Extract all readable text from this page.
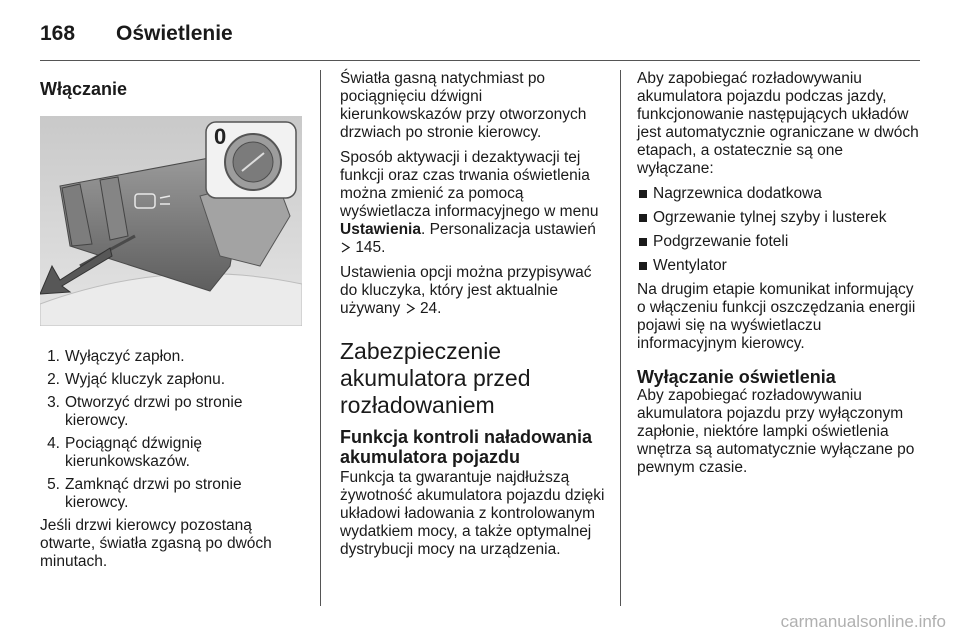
168 Oświetlenie
Włączanie
0
1. Wyłączyć zapłon.
2. Wyjąć kluczyk zapłonu.
3. Otworzyć drzwi po stronie kierowcy.
4. Pociągnąć dźwignię kierunkowskazów.
5. Zamknąć drzwi po stronie kierowcy.

Jeśli drzwi kierowcy pozostaną otwarte, światła zgasną po dwóch minutach.

Światła gasną natychmiast po pociągnięciu dźwigni kierunkowskazów przy otworzonych drzwiach po stronie kierowcy.

Sposób aktywacji i dezaktywacji tej funkcji oraz czas trwania oświetlenia można zmienić za pomocą wyświetlacza informacyjnego w menu Ustawienia. Personalizacja ustawień  145.

Ustawienia opcji można przypisywać do kluczyka, który jest aktualnie używany  24.

Zabezpieczenie akumulatora przed rozładowaniem
Funkcja kontroli naładowania akumulatora pojazdu

Funkcja ta gwarantuje najdłuższą żywotność akumulatora pojazdu dzięki układowi ładowania z kontrolowanym wydatkiem mocy, a także optymalnej dystrybucji mocy na urządzenia.

Aby zapobiegać rozładowywaniu akumulatora pojazdu podczas jazdy, funkcjonowanie następujących układów jest automatycznie ograniczane w dwóch etapach, a ostatecznie są one wyłączane:

Nagrzewnica dodatkowa
Ogrzewanie tylnej szyby i lusterek
Podgrzewanie foteli
Wentylator

Na drugim etapie komunikat informujący o włączeniu funkcji oszczędzania energii pojawi się na wyświetlaczu informacyjnym kierowcy.

Wyłączanie oświetlenia

Aby zapobiegać rozładowywaniu akumulatora pojazdu przy wyłączonym zapłonie, niektóre lampki oświetlenia wnętrza są automatycznie wyłączane po pewnym czasie.

carmanualsonline.info
